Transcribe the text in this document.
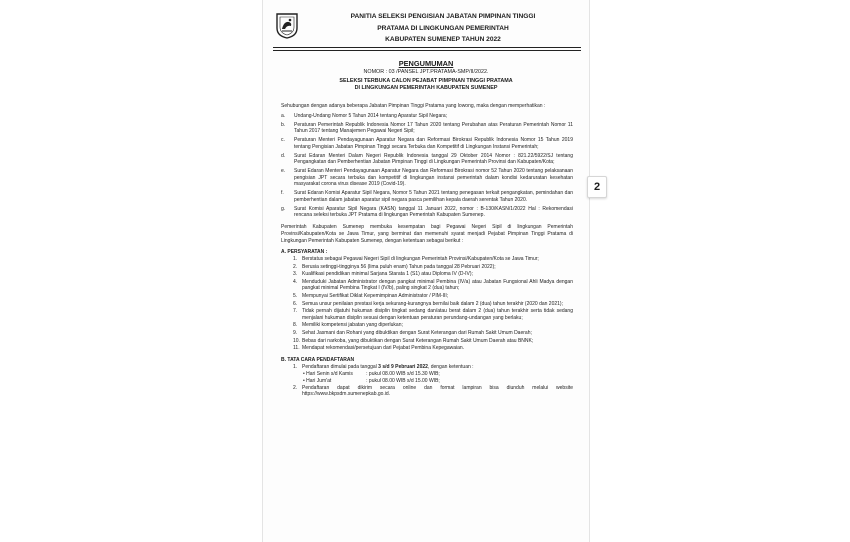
PANITIA SELEKSI PENGISIAN JABATAN PIMPINAN TINGGI
PRATAMA DI LINGKUNGAN PEMERINTAH
KABUPATEN SUMENEP TAHUN 2022
PENGUMUMAN
NOMOR : 03 /PANSEL JPT.PRATAMA-SMP/II/2022.
SELEKSI TERBUKA CALON PEJABAT PIMPINAN TINGGI PRATAMA
DI LINGKUNGAN PEMERINTAH KABUPATEN SUMENEP

Sehubungan dengan adanya beberapa Jabatan Pimpinan Tinggi Pratama yang lowong, maka dengan memperhatikan :

a. Undang-Undang Nomor 5 Tahun 2014 tentang Aparatur Sipil Negara;
b. Peraturan Pemerintah Republik Indonesia Nomor 17 Tahun 2020 tentang Perubahan atas Peraturan Pemerintah Nomor 11 Tahun 2017 tentang Manajemen Pegawai Negeri Sipil;
c. Peraturan Menteri Pendayagunaan Aparatur Negara dan Reformasi Birokrasi Republik Indonesia Nomor 15 Tahun 2019 tentang Pengisian Jabatan Pimpinan Tinggi secara Terbuka dan Kompetitif di Lingkungan Instansi Pemerintah;
d. Surat Edaran Menteri Dalam Negeri Republik Indonesia tanggal 29 Oktober 2014 Nomor : 821.22/5922/SJ tentang Pengangkatan dan Pemberhentian Jabatan Pimpinan Tinggi di Lingkungan Pemerintah Provinsi dan Kabupaten/Kota;
e. Surat Edaran Menteri Pendayagunaan Aparatur Negara dan Reformasi Birokrasi nomor 52 Tahun 2020 tentang pelaksanaan pengisian JPT secara terbuka dan kompetitif di lingkungan instansi pemerintah dalam kondisi kedaruratan kesehatan masyarakat corona virus disease 2019 (Covid-19).
f. Surat Edaran Komisi Aparatur Sipil Negara, Nomor 5 Tahun 2021 tentang penegasan terkait pengangkatan, pemindahan dan pemberhentian dalam jabatan aparatur sipil negara pasca pemilihan kepala daerah serentak Tahun 2020.
g. Surat Komisi Aparatur Sipil Negara (KASN) tanggal 11 Januari 2022, nomor : B-130/KASN/1/2022 Hal : Rekomendasi rencana seleksi terbuka JPT Pratama di lingkungan Pemerintah Kabupaten Sumenep.

Pemerintah Kabupaten Sumenep membuka kesempatan bagi Pegawai Negeri Sipil di lingkungan Pemerintah Provinsi/Kabupaten/Kota se Jawa Timur, yang berminat dan memenuhi syarat menjadi Pejabat Pimpinan Tinggi Pratama di Lingkungan Pemerintah Kabupaten Sumenep, dengan ketentuan sebagai berikut :

A. PERSYARATAN :
1. Berstatus sebagai Pegawai Negeri Sipil di lingkungan Pemerintah Provinsi/Kabupaten/Kota se Jawa Timur;
2. Berusia setinggi-tingginya 56 (lima puluh enam) Tahun pada tanggal 28 Pebruari 2022);
3. Kualifikasi pendidikan minimal Sarjana Starata 1 (S1) atau Diploma IV (D-IV);
4. Menduduki Jabatan Administrator dengan pangkat minimal Pembina (IV/a) atau Jabatan Fungsional Ahli Madya dengan pangkat minimal Pembina Tingkat I (IV/b), paling singkat 2 (dua) tahun;
5. Mempunyai Sertifikat Diklat Kepemimpinan Administrator / PIM-III;
6. Semua unsur penilaian prestasi kerja sekurang-kurangnya bernilai baik dalam 2 (dua) tahun terakhir (2020 dan 2021);
7. Tidak pernah dijatuhi hukuman disiplin tingkat sedang dan/atau berat dalam 2 (dua) tahun terakhir serta tidak sedang menjalani hukuman disiplin sesuai dengan ketentuan peraturan perundang-undangan yang berlaku;
8. Memiliki kompetensi jabatan yang diperlukan;
9. Sehat Jasmani dan Rohani yang dibuktikan dengan Surat Keterangan dari Rumah Sakit Umum Daerah;
10. Bebas dari narkoba, yang dibuktikan dengan Surat Keterangan Rumah Sakit Umum Daerah atau BNNK;
11. Mendapat rekomendasi/persetujuan dari Pejabat Pembina Kepegawaian.
B. TATA CARA PENDAFTARAN
1. Pendaftaran dimulai pada tanggal 3 s/d 9 Pebruari 2022, dengan ketentuan :
• Hari Senin s/d Kamis	: pukul 08.00 WIB s/d 15.30 WIB;
• Hari Jum'at	: pukul 08.00 WIB s/d 15.00 WIB;
2. Pendaftaran dapat dikirim secara online dan format lampiran bisa diunduh melalui website https://www.bkpsdm.sumenepkab.go.id.
2
